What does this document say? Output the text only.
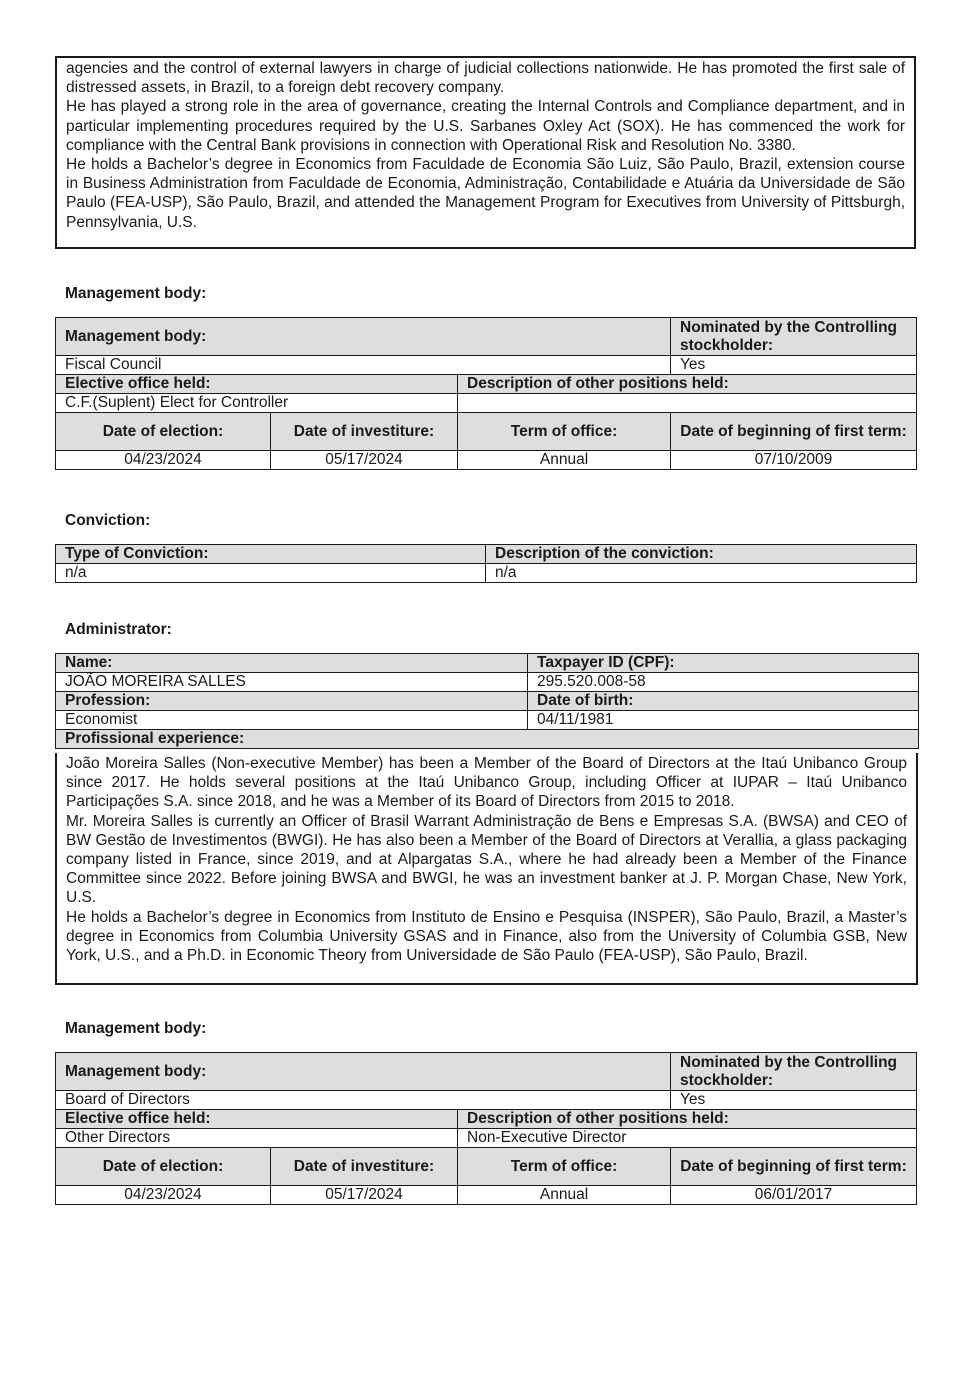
agencies and the control of external lawyers in charge of judicial collections nationwide. He has promoted the first sale of distressed assets, in Brazil, to a foreign debt recovery company.

He has played a strong role in the area of governance, creating the Internal Controls and Compliance department, and in particular implementing procedures required by the U.S. Sarbanes Oxley Act (SOX). He has commenced the work for compliance with the Central Bank provisions in connection with Operational Risk and Resolution No. 3380.

He holds a Bachelor’s degree in Economics from Faculdade de Economia São Luiz, São Paulo, Brazil, extension course in Business Administration from Faculdade de Economia, Administração, Contabilidade e Atuária da Universidade de São Paulo (FEA-USP), São Paulo, Brazil, and attended the Management Program for Executives from University of Pittsburgh, Pennsylvania, U.S.

Management body:
Management body:			Nominated by the Controlling stockholder:
Fiscal Council			Yes
Elective office held:		Description of other positions held:	
C.F.(Suplent) Elect for Controller			
Date of election:	Date of investiture:	Term of office:	Date of beginning of first term:
04/23/2024	05/17/2024	Annual	07/10/2009
Conviction:
Type of Conviction:	Description of the conviction:
n/a	n/a
Administrator:
Name:	Taxpayer ID (CPF):
JOÃO MOREIRA SALLES	295.520.008-58
Profession:	Date of birth:
Economist	04/11/1981
Profissional experience:	

João Moreira Salles (Non-executive Member) has been a Member of the Board of Directors at the Itaú Unibanco Group since 2017. He holds several positions at the Itaú Unibanco Group, including Officer at IUPAR – Itaú Unibanco Participações S.A. since 2018, and he was a Member of its Board of Directors from 2015 to 2018.

Mr. Moreira Salles is currently an Officer of Brasil Warrant Administração de Bens e Empresas S.A. (BWSA) and CEO of BW Gestão de Investimentos (BWGI). He has also been a Member of the Board of Directors at Verallia, a glass packaging company listed in France, since 2019, and at Alpargatas S.A., where he had already been a Member of the Finance Committee since 2022. Before joining BWSA and BWGI, he was an investment banker at J. P. Morgan Chase, New York, U.S.

He holds a Bachelor’s degree in Economics from Instituto de Ensino e Pesquisa (INSPER), São Paulo, Brazil, a Master’s degree in Economics from Columbia University GSAS and in Finance, also from the University of Columbia GSB, New York, U.S., and a Ph.D. in Economic Theory from Universidade de São Paulo (FEA-USP), São Paulo, Brazil.

Management body:
Management body:			Nominated by the Controlling stockholder:
Board of Directors			Yes
Elective office held:		Description of other positions held:	
Other Directors		Non-Executive Director	
Date of election:	Date of investiture:	Term of office:	Date of beginning of first term:
04/23/2024	05/17/2024	Annual	06/01/2017
